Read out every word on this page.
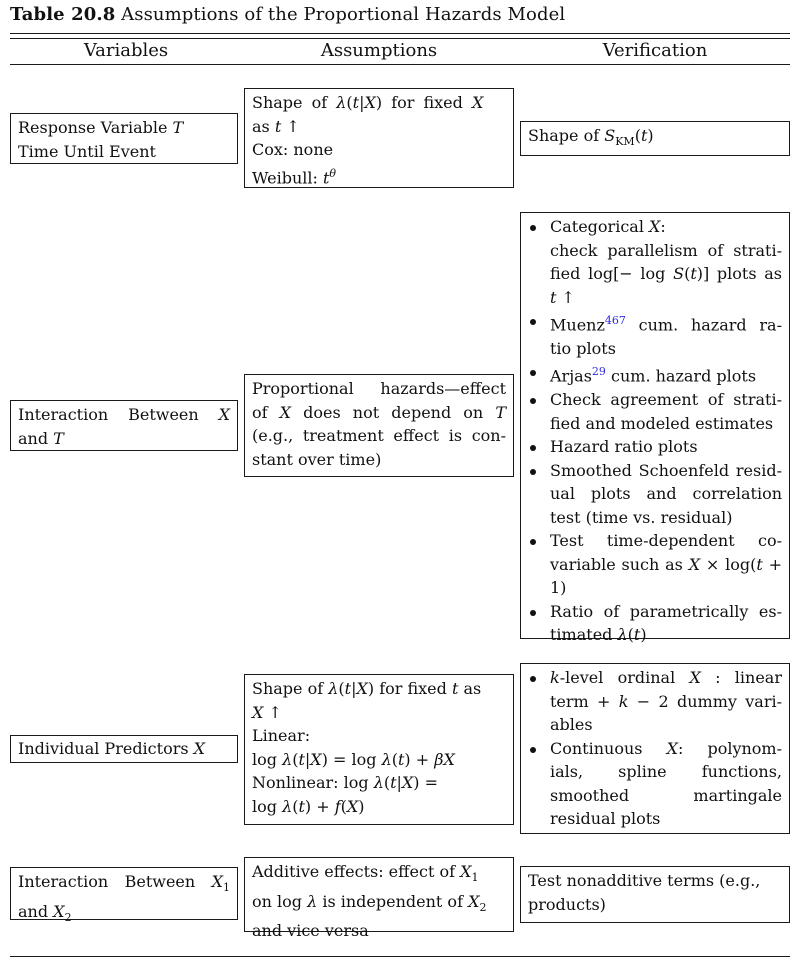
Table 20.8 Assumptions of the Proportional Hazards Model
Variables	Assumptions	Verification
Response Variable T
Time Until Event
Shape of λ(t|X) for fixed X
as t ↑
Cox: none
Weibull: $t^\theta$
Shape of $S_{KM}(t)$
Interaction Between X
and T
Proportional hazards—effect
of X does not depend on T
(e.g., treatment effect is con-
stant over time)
Categorical X:
check parallelism of strati-
fied log[− log S(t)] plots as
t ↑
Muenz$^{467}$ cum. hazard ra-
tio plots
Arjas$^{29}$ cum. hazard plots
Check agreement of strati-
fied and modeled estimates
Hazard ratio plots
Smoothed Schoenfeld resid-
ual plots and correlation
test (time vs. residual)
Test time-dependent co-
variable such as X × log(t +
1)
Ratio of parametrically es-
timated λ(t)
Individual Predictors X
Shape of λ(t|X) for fixed t as
X ↑
Linear:
log λ(t|X) = log λ(t) + βX
Nonlinear: log λ(t|X) =
log λ(t) + f(X)
k-level ordinal X : linear
term + k − 2 dummy vari-
ables
Continuous X: polynom-
ials, spline functions,
smoothed martingale
residual plots
Interaction Between $X_1$
and $X_2$
Additive effects: effect of $X_1$
on log λ is independent of $X_2$
and vice versa
Test nonadditive terms (e.g.,
products)
